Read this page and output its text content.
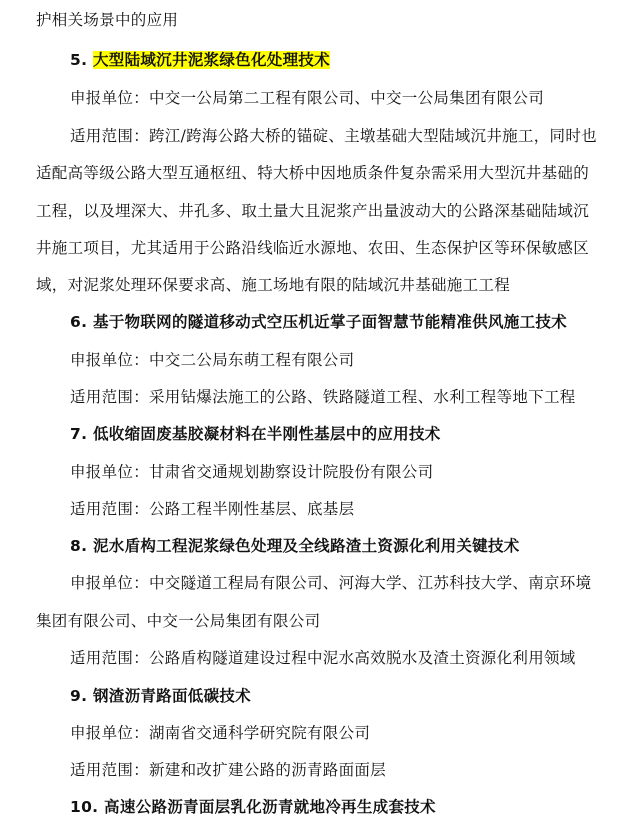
护相关场景中的应用
5. 大型陆域沉井泥浆绿色化处理技术
申报单位：中交一公局第二工程有限公司、中交一公局集团有限公司
适用范围：跨江/跨海公路大桥的锚碇、主墩基础大型陆域沉井施工，同时也
适配高等级公路大型互通枢纽、特大桥中因地质条件复杂需采用大型沉井基础的
工程，以及埋深大、井孔多、取土量大且泥浆产出量波动大的公路深基础陆域沉
井施工项目，尤其适用于公路沿线临近水源地、农田、生态保护区等环保敏感区
域，对泥浆处理环保要求高、施工场地有限的陆域沉井基础施工工程
6. 基于物联网的隧道移动式空压机近掌子面智慧节能精准供风施工技术
申报单位：中交二公局东萌工程有限公司
适用范围：采用钻爆法施工的公路、铁路隧道工程、水利工程等地下工程
7. 低收缩固废基胶凝材料在半刚性基层中的应用技术
申报单位：甘肃省交通规划勘察设计院股份有限公司
适用范围：公路工程半刚性基层、底基层
8. 泥水盾构工程泥浆绿色处理及全线路渣土资源化利用关键技术
申报单位：中交隧道工程局有限公司、河海大学、江苏科技大学、南京环境
集团有限公司、中交一公局集团有限公司
适用范围：公路盾构隧道建设过程中泥水高效脱水及渣土资源化利用领域
9. 钢渣沥青路面低碳技术
申报单位：湖南省交通科学研究院有限公司
适用范围：新建和改扩建公路的沥青路面面层
10. 高速公路沥青面层乳化沥青就地冷再生成套技术
